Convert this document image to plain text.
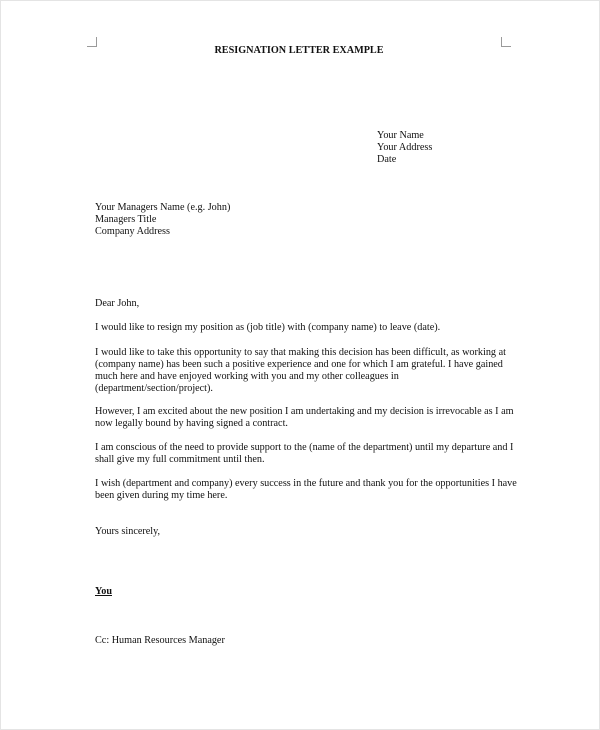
RESIGNATION LETTER EXAMPLE
Your Name
Your Address
Date
Your Managers Name (e.g. John)
Managers Title
Company Address
Dear John,
I would like to resign my position as (job title) with (company name) to leave (date).
I would like to take this opportunity to say that making this decision has been difficult, as working at
(company name) has been such a positive experience and one for which I am grateful. I have gained
much here and have enjoyed working with you and my other colleagues in
(department/section/project).
However, I am excited about the new position I am undertaking and my decision is irrevocable as I am
now legally bound by having signed a contract.
I am conscious of the need to provide support to the (name of the department) until my departure and I
shall give my full commitment until then.
I wish (department and company) every success in the future and thank you for the opportunities I have
been given during my time here.
Yours sincerely,
You
Cc: Human Resources Manager
